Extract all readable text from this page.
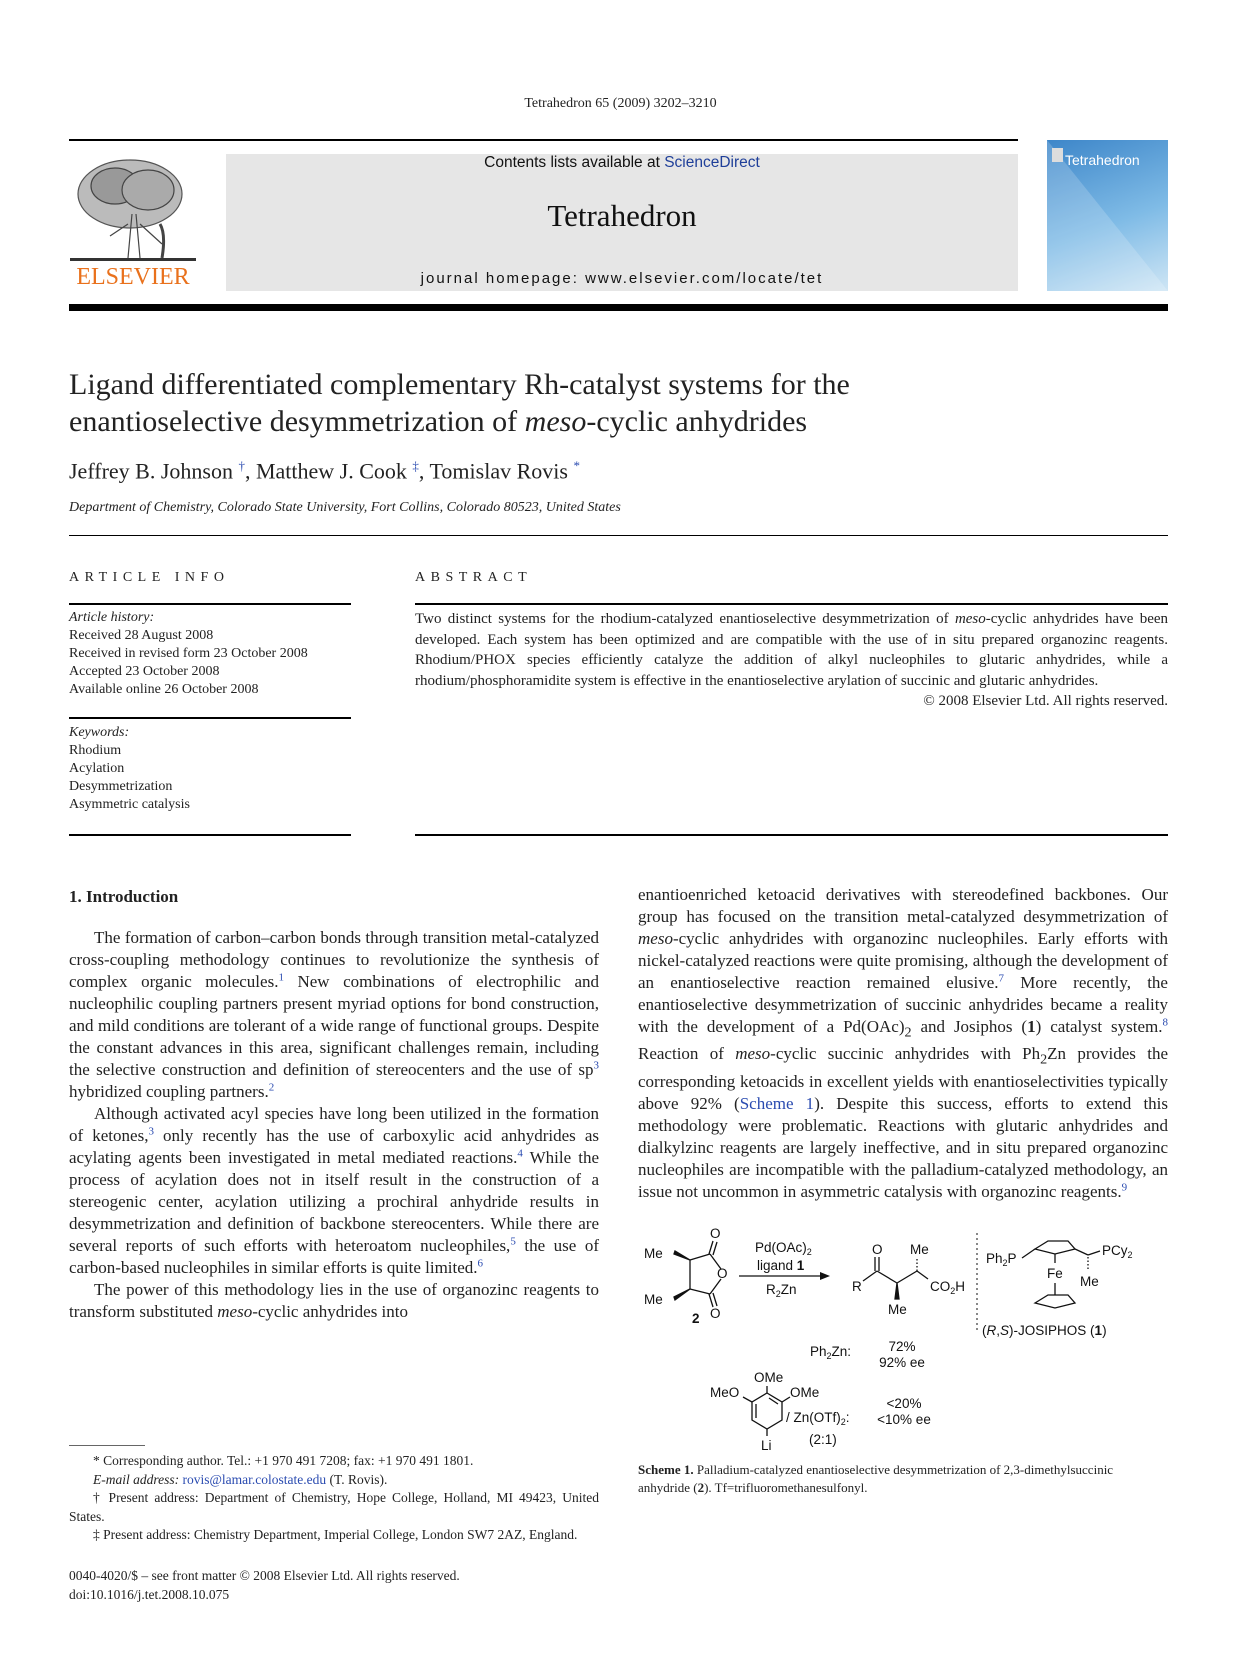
Tetrahedron 65 (2009) 3202–3210
ELSEVIER
Contents lists available at ScienceDirect
Tetrahedron
journal homepage: www.elsevier.com/locate/tet
Tetrahedron
Ligand differentiated complementary Rh-catalyst systems for the
enantioselective desymmetrization of meso-cyclic anhydrides
Jeffrey B. Johnson †, Matthew J. Cook ‡, Tomislav Rovis *
Department of Chemistry, Colorado State University, Fort Collins, Colorado 80523, United States
ARTICLE INFO
Article history:
Received 28 August 2008
Received in revised form 23 October 2008
Accepted 23 October 2008
Available online 26 October 2008
Keywords:
Rhodium
Acylation
Desymmetrization
Asymmetric catalysis
ABSTRACT
Two distinct systems for the rhodium-catalyzed enantioselective desymmetrization of meso-cyclic anhydrides have been developed. Each system has been optimized and are compatible with the use of in situ prepared organozinc reagents. Rhodium/PHOX species efficiently catalyze the addition of alkyl nucleophiles to glutaric anhydrides, while a rhodium/phosphoramidite system is effective in the enantioselective arylation of succinic and glutaric anhydrides.
© 2008 Elsevier Ltd. All rights reserved.
1. Introduction

The formation of carbon–carbon bonds through transition metal-catalyzed cross-coupling methodology continues to revolutionize the synthesis of complex organic molecules.$^1$ New combinations of electrophilic and nucleophilic coupling partners present myriad options for bond construction, and mild conditions are tolerant of a wide range of functional groups. Despite the constant advances in this area, significant challenges remain, including the selective construction and definition of stereocenters and the use of $sp^3$ hybridized coupling partners.$^2$

Although activated acyl species have long been utilized in the formation of ketones,$^3$ only recently has the use of carboxylic acid anhydrides as acylating agents been investigated in metal mediated reactions.$^4$ While the process of acylation does not in itself result in the construction of a stereogenic center, acylation utilizing a prochiral anhydride results in desymmetrization and definition of backbone stereocenters. While there are several reports of such efforts with heteroatom nucleophiles,$^5$ the use of carbon-based nucleophiles in similar efforts is quite limited.$^6$

The power of this methodology lies in the use of organozinc reagents to transform substituted meso-cyclic anhydrides into

* Corresponding author. Tel.: +1 970 491 7208; fax: +1 970 491 1801.

E-mail address: rovis@lamar.colostate.edu (T. Rovis).

† Present address: Department of Chemistry, Hope College, Holland, MI 49423, United States.

‡ Present address: Chemistry Department, Imperial College, London SW7 2AZ, England.

0040-4020/$ – see front matter © 2008 Elsevier Ltd. All rights reserved.
doi:10.1016/j.tet.2008.10.075

enantioenriched ketoacid derivatives with stereodefined backbones. Our group has focused on the transition metal-catalyzed desymmetrization of meso-cyclic anhydrides with organozinc nucleophiles. Early efforts with nickel-catalyzed reactions were quite promising, although the development of an enantioselective reaction remained elusive.$^7$ More recently, the enantioselective desymmetrization of succinic anhydrides became a reality with the development of a $Pd(OAc)_2$ and Josiphos (1) catalyst system.$^8$ Reaction of meso-cyclic succinic anhydrides with $Ph_2Zn$ provides the corresponding ketoacids in excellent yields with enantioselectivities typically above 92% (Scheme 1). Despite this success, efforts to extend this methodology were problematic. Reactions with glutaric anhydrides and dialkylzinc reagents are largely ineffective, and in situ prepared organozinc nucleophiles are incompatible with the palladium-catalyzed methodology, an issue not uncommon in asymmetric catalysis with organozinc reagents.$^9$

Me
Me
O
O
O
2
$Pd(OAc)_2$
ligand 1
$R_2Zn$	R
O Me
Me
$CO_2H$
$Ph_2P$
Fe
PCy$_2$
Me
(R,S)-JOSIPHOS (1)
$Ph_2Zn$:	72%
92% ee
OMe
MeO	OMe
Li
/ $Zn(OTf)_2$:
(2:1)
<20%
<10% ee
Scheme 1. Palladium-catalyzed enantioselective desymmetrization of 2,3-dimethylsuccinic anhydride (2). Tf=trifluoromethanesulfonyl.
